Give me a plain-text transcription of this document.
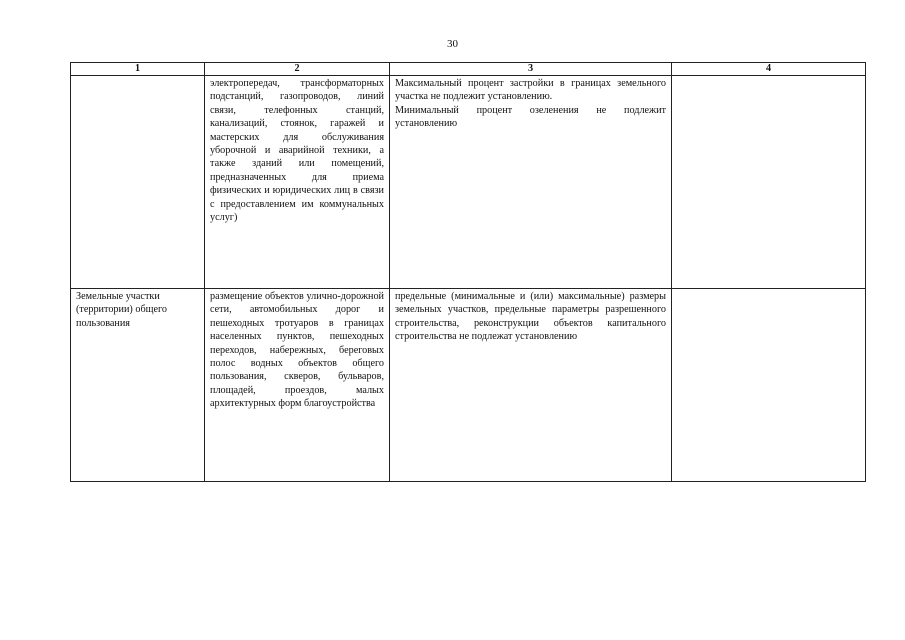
30
1	2	3	4
	электропередач, трансформаторных подстанций, газопроводов, линий связи, телефонных станций, канализаций, стоянок, гаражей и мастерских для обслуживания уборочной и аварийной техники, а также зданий или помещений, предназначенных для приема физических и юридических лиц в связи с предоставлением им коммунальных услуг)	Максимальный процент застройки в границах земельного участка не подлежит установлению.
Минимальный процент озеленения не подлежит установлению	

Земельные участки (территории) общего пользования	размещение объектов улично-дорожной сети, автомобильных дорог и пешеходных тротуаров в границах населенных пунктов, пешеходных переходов, набережных, береговых полос водных объектов общего пользования, скверов, бульваров, площадей, проездов, малых архитектурных форм благоустройства	предельные (минимальные и (или) максимальные) размеры земельных участков, предельные параметры разрешенного строительства, реконструкции объектов капитального строительства не подлежат установлению	
